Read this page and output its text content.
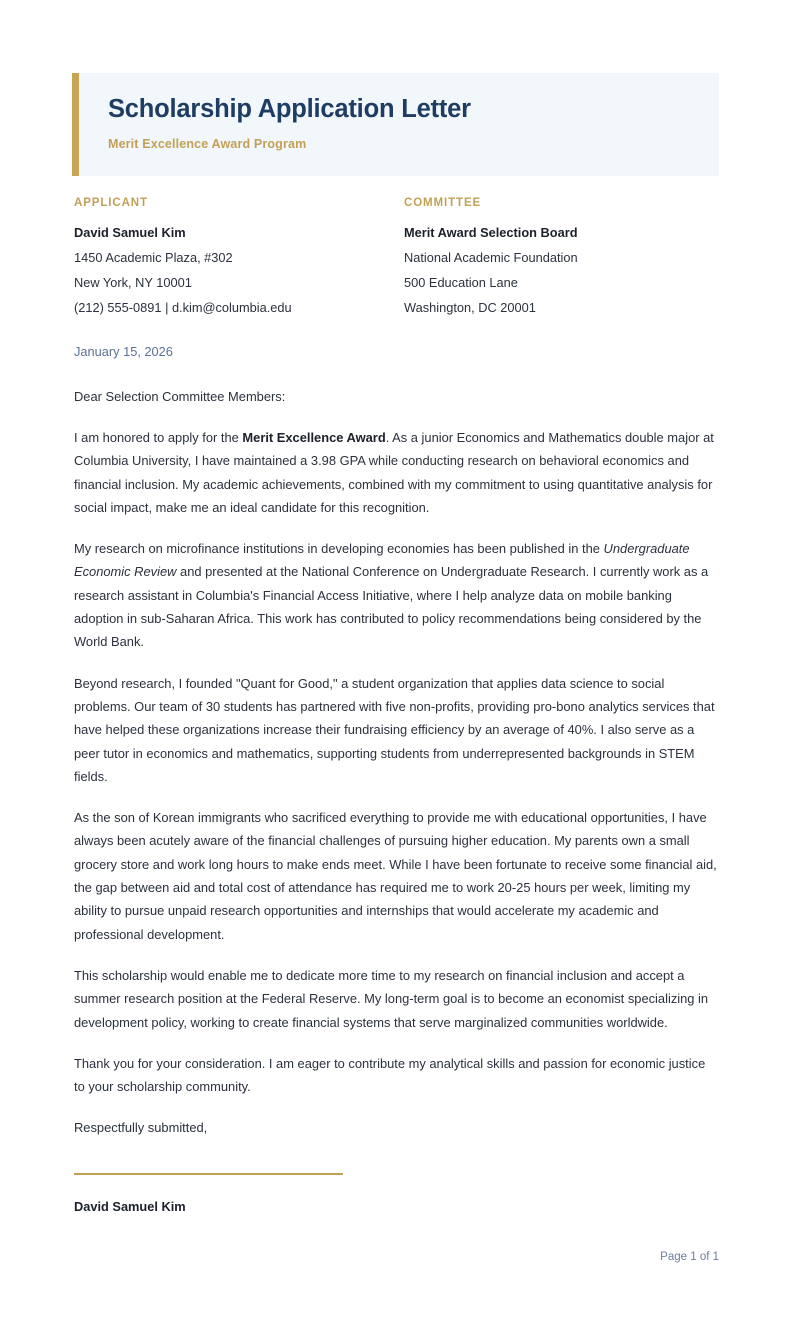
Scholarship Application Letter
Merit Excellence Award Program
APPLICANT

David Samuel Kim

1450 Academic Plaza, #302

New York, NY 10001

(212) 555-0891 | d.kim@columbia.edu

COMMITTEE

Merit Award Selection Board

National Academic Foundation

500 Education Lane

Washington, DC 20001

January 15, 2026

Dear Selection Committee Members:

I am honored to apply for the Merit Excellence Award. As a junior Economics and Mathematics double major at Columbia University, I have maintained a 3.98 GPA while conducting research on behavioral economics and financial inclusion. My academic achievements, combined with my commitment to using quantitative analysis for social impact, make me an ideal candidate for this recognition.

My research on microfinance institutions in developing economies has been published in the Undergraduate Economic Review and presented at the National Conference on Undergraduate Research. I currently work as a research assistant in Columbia's Financial Access Initiative, where I help analyze data on mobile banking adoption in sub-Saharan Africa. This work has contributed to policy recommendations being considered by the World Bank.

Beyond research, I founded "Quant for Good," a student organization that applies data science to social problems. Our team of 30 students has partnered with five non-profits, providing pro-bono analytics services that have helped these organizations increase their fundraising efficiency by an average of 40%. I also serve as a peer tutor in economics and mathematics, supporting students from underrepresented backgrounds in STEM fields.

As the son of Korean immigrants who sacrificed everything to provide me with educational opportunities, I have always been acutely aware of the financial challenges of pursuing higher education. My parents own a small grocery store and work long hours to make ends meet. While I have been fortunate to receive some financial aid, the gap between aid and total cost of attendance has required me to work 20-25 hours per week, limiting my ability to pursue unpaid research opportunities and internships that would accelerate my academic and professional development.

This scholarship would enable me to dedicate more time to my research on financial inclusion and accept a summer research position at the Federal Reserve. My long-term goal is to become an economist specializing in development policy, working to create financial systems that serve marginalized communities worldwide.

Thank you for your consideration. I am eager to contribute my analytical skills and passion for economic justice to your scholarship community.

Respectfully submitted,

David Samuel Kim
Page 1 of 1
